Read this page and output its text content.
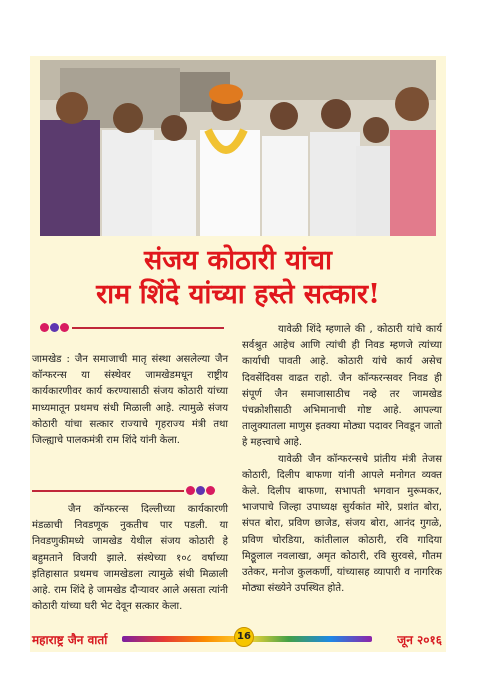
संजय कोठारी यांचा
राम शिंदे यांच्या हस्ते सत्कार!

जामखेड : जैन समाजाची मातृ संस्था असलेल्या जैन कॉन्फरन्स या संस्थेवर जामखेडमधून राष्ट्रीय कार्यकारणीवर कार्य करण्यासाठी संजय कोठारी यांच्या माध्यमातून प्रथमच संधी मिळाली आहे. त्यामुळे संजय कोठारी यांचा सत्कार राज्याचे गृहराज्य मंत्री तथा जिल्ह्याचे पालकमंत्री राम शिंदे यांनी केला.

जैन कॉन्फरन्स दिल्लीच्या कार्यकारणी मंडळाची निवडणूक नुकतीच पार पडली. या निवडणुकीमध्ये जामखेड येथील संजय कोठारी हे बहुमताने विजयी झाले. संस्थेच्या १०८ वर्षाच्या इतिहासात प्रथमच जामखेडला त्यामुळे संधी मिळाली आहे. राम शिंदे हे जामखेड दौऱ्यावर आले असता त्यांनी कोठारी यांच्या घरी भेट देवून सत्कार केला.

यावेळी शिंदे म्हणाले की , कोठारी यांचे कार्य सर्वश्रुत आहेच आणि त्यांची ही निवड म्हणजे त्यांच्या कार्याची पावती आहे. कोठारी यांचे कार्य असेच दिवसेंदिवस वाढत राहो. जैन कॉन्फरन्सवर निवड ही संपूर्ण जैन समाजासाठीच नव्हे तर जामखेड पंचक्रोशीसाठी अभिमानाची गोष्ट आहे. आपल्या तालुक्यातला माणुस इतक्या मोठ्या पदावर निवडून जातो हे महत्त्वाचे आहे.

यावेळी जैन कॉन्फरन्सचे प्रांतीय मंत्री तेजस कोठारी, दिलीप बाफणा यांनी आपले मनोगत व्यक्त केले. दिलीप बाफणा, सभापती भगवान मुरूमकर, भाजपाचे जिल्हा उपाध्यक्ष सुर्यकांत मोरे, प्रशांत बोरा, संपत बोरा, प्रविण छाजेड, संजय बोरा, आनंद गुगळे, प्रविण चोरडिया, कांतीलाल कोठारी, रवि गादिया मिठ्ठूलाल नवलाखा, अमृत कोठारी, रवि सुरवसे, गौतम उतेकर, मनोज कुलकर्णी, यांच्यासह व्यापारी व नागरिक मोठ्या संख्येने उपस्थित होते.

महाराष्ट्र जैन वार्ता	16	जून २०१६
